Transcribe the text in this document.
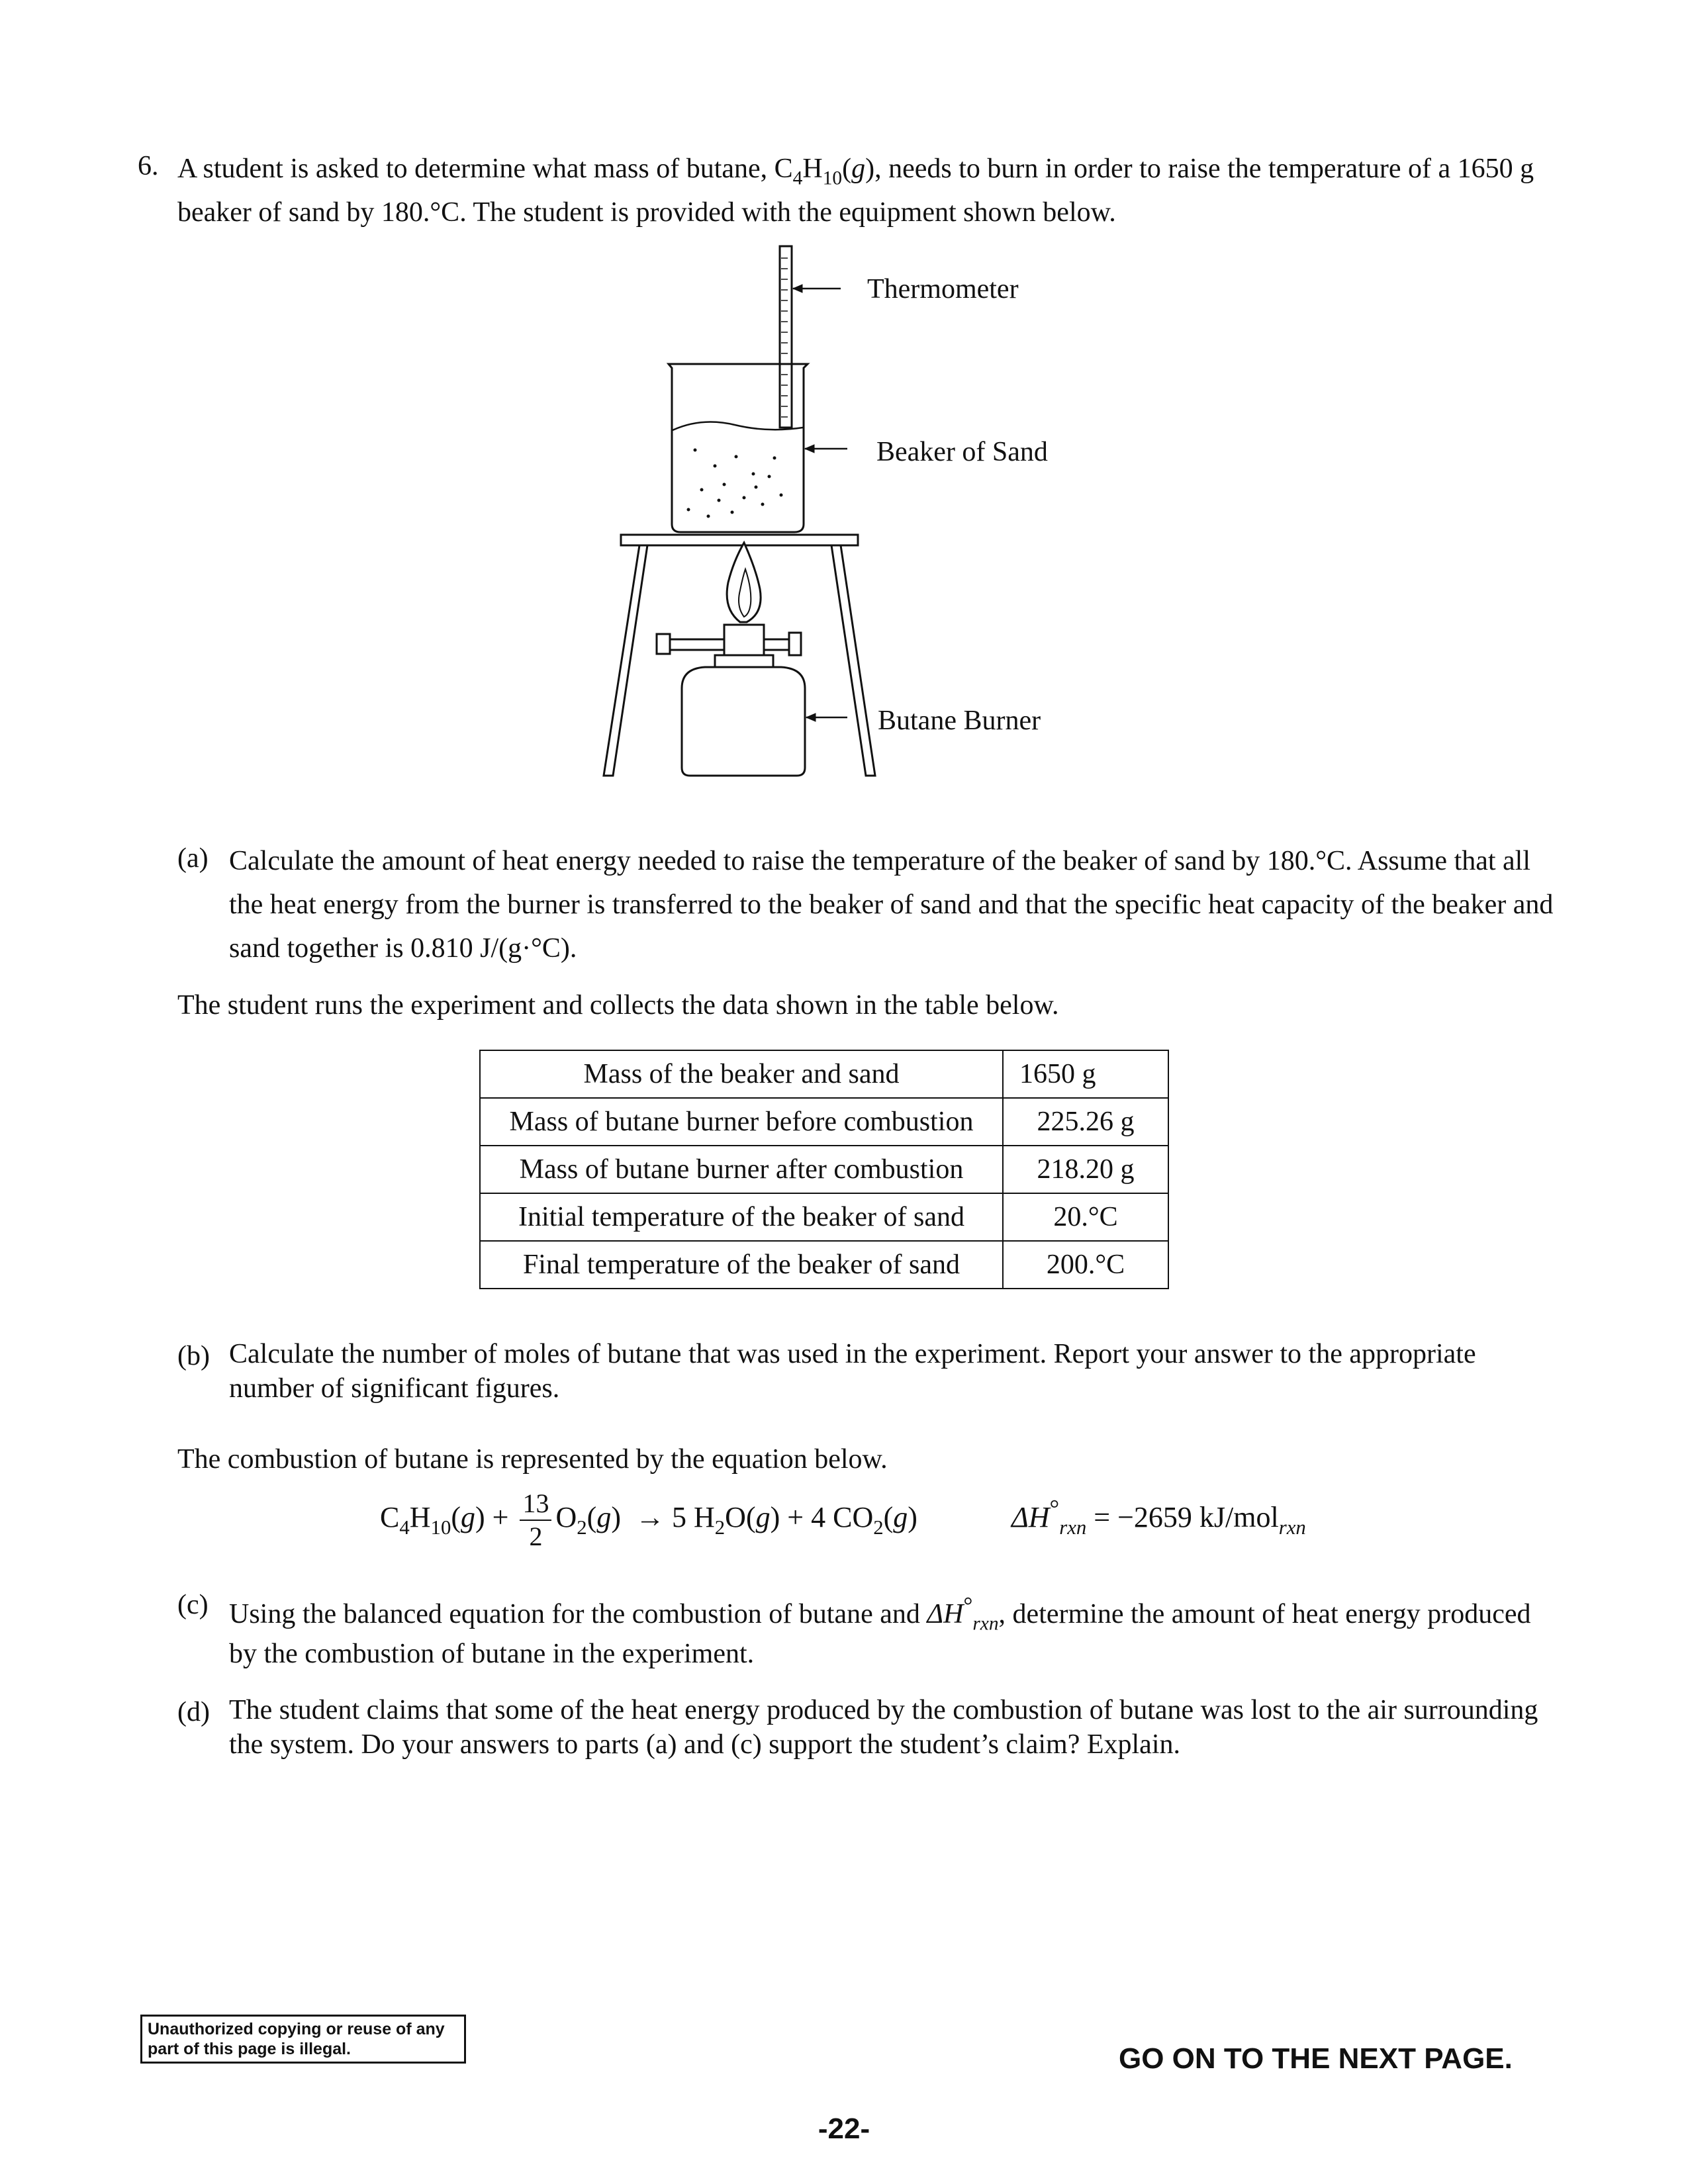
6. A student is asked to determine what mass of butane, $C_4H_{10}(g)$, needs to burn in order to raise the temperature of a 1650 g beaker of sand by 180.°C. The student is provided with the equipment shown below.
Thermometer
Beaker of Sand
Butane Burner
(a) Calculate the amount of heat energy needed to raise the temperature of the beaker of sand by 180.°C. Assume that all the heat energy from the burner is transferred to the beaker of sand and that the specific heat capacity of the beaker and sand together is 0.810 J/(g·°C).
The student runs the experiment and collects the data shown in the table below.
Mass of the beaker and sand	1650 g
Mass of butane burner before combustion	225.26 g
Mass of butane burner after combustion	218.20 g
Initial temperature of the beaker of sand	20.°C
Final temperature of the beaker of sand	200.°C
(b) Calculate the number of moles of butane that was used in the experiment. Report your answer to the appropriate number of significant figures.
The combustion of butane is represented by the equation below.
$C_4H_{10}(g) + \frac{13}{2} O_2(g) \to 5$ $H_2O(g) + 4$ $CO_2(g)$	$\Delta H^\circ_{rxn} = -2659$ kJ/mol$_{rxn}$
(c) Using the balanced equation for the combustion of butane and $\Delta H^\circ_{rxn}$, determine the amount of heat energy produced by the combustion of butane in the experiment.
(d) The student claims that some of the heat energy produced by the combustion of butane was lost to the air surrounding the system. Do your answers to parts (a) and (c) support the student’s claim? Explain.
Unauthorized copying or reuse of any part of this page is illegal.	GO ON TO THE NEXT PAGE.
-22-
